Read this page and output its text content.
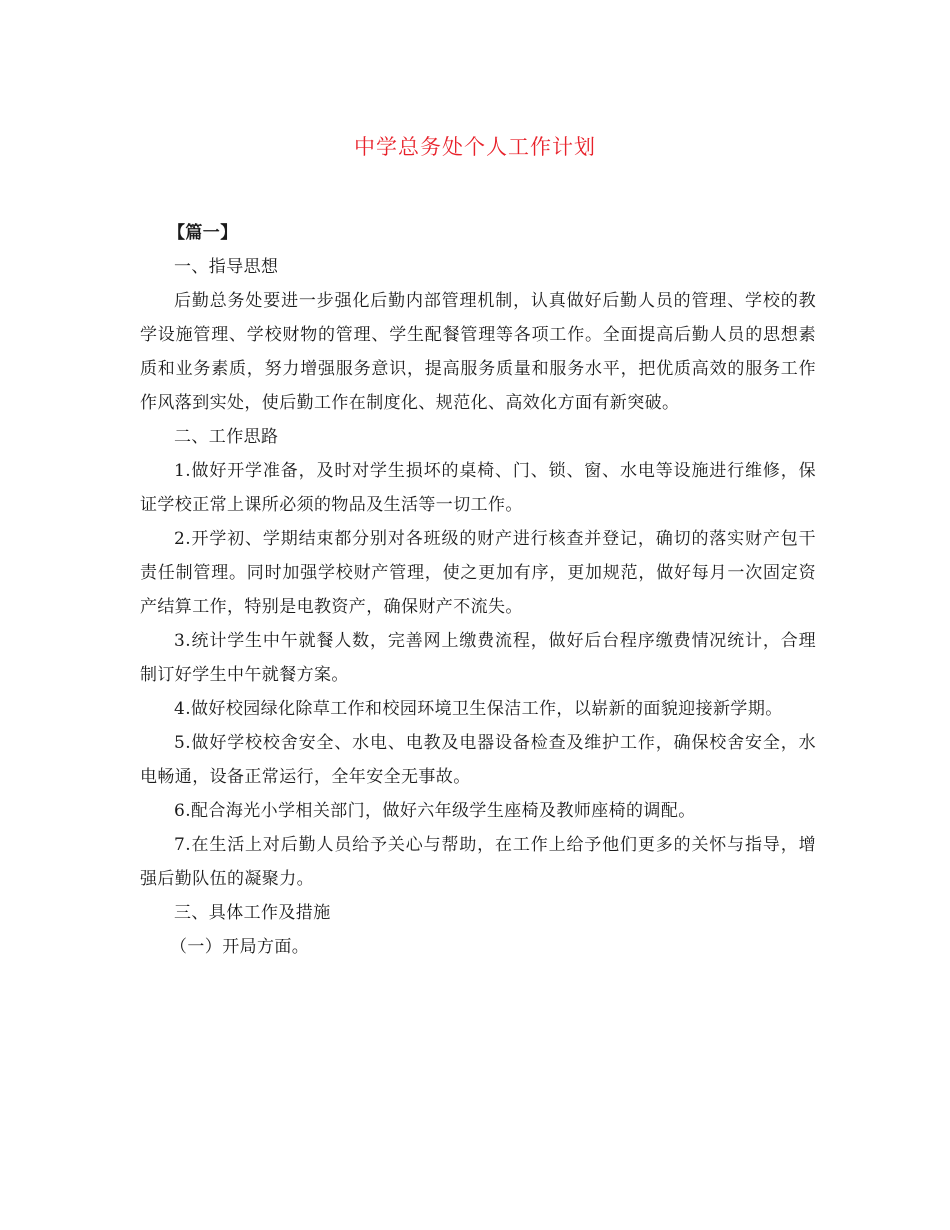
中学总务处个人工作计划

【篇一】

一、指导思想

后勤总务处要进一步强化后勤内部管理机制，认真做好后勤人员的管理、学校的教学设施管理、学校财物的管理、学生配餐管理等各项工作。全面提高后勤人员的思想素质和业务素质，努力增强服务意识，提高服务质量和服务水平，把优质高效的服务工作作风落到实处，使后勤工作在制度化、规范化、高效化方面有新突破。

二、工作思路

1.做好开学准备，及时对学生损坏的桌椅、门、锁、窗、水电等设施进行维修，保证学校正常上课所必须的物品及生活等一切工作。

2.开学初、学期结束都分别对各班级的财产进行核查并登记，确切的落实财产包干责任制管理。同时加强学校财产管理，使之更加有序，更加规范，做好每月一次固定资产结算工作，特别是电教资产，确保财产不流失。

3.统计学生中午就餐人数，完善网上缴费流程，做好后台程序缴费情况统计，合理制订好学生中午就餐方案。

4.做好校园绿化除草工作和校园环境卫生保洁工作，以崭新的面貌迎接新学期。

5.做好学校校舍安全、水电、电教及电器设备检查及维护工作，确保校舍安全，水电畅通，设备正常运行，全年安全无事故。

6.配合海光小学相关部门，做好六年级学生座椅及教师座椅的调配。

7.在生活上对后勤人员给予关心与帮助，在工作上给予他们更多的关怀与指导，增强后勤队伍的凝聚力。

三、具体工作及措施

（一）开局方面。
